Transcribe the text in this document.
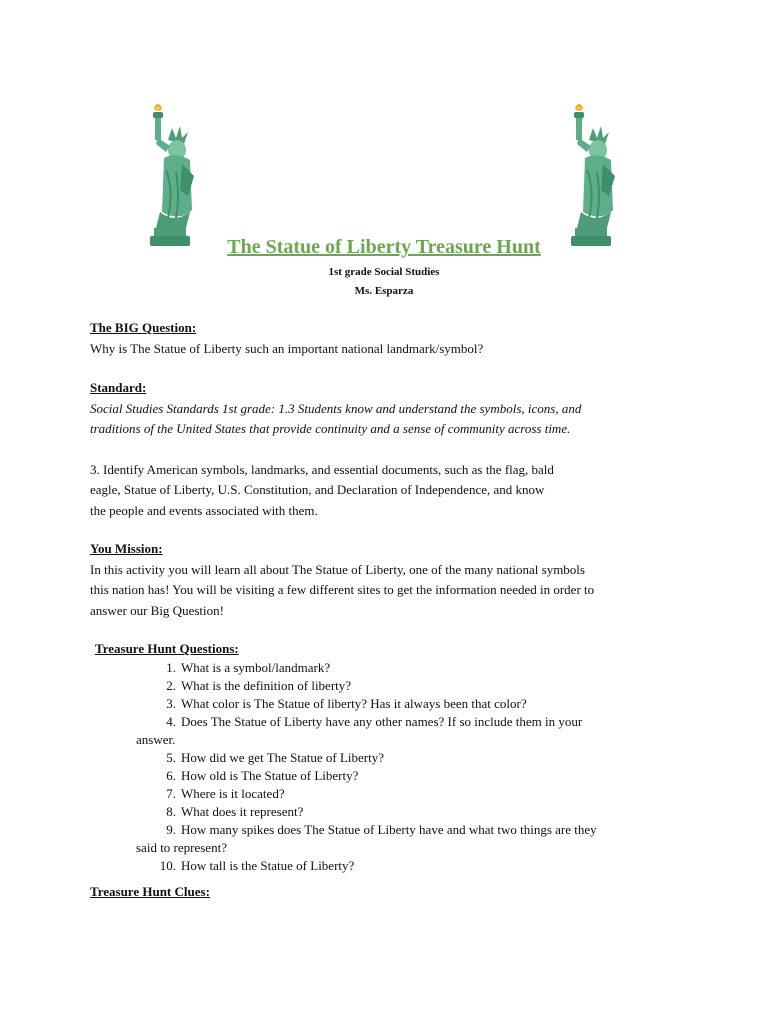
The Statue of Liberty Treasure Hunt
1st grade Social Studies
Ms. Esparza
The BIG Question:
Why is The Statue of Liberty such an important national landmark/symbol?
Standard:
Social Studies Standards 1st grade: 1.3 Students know and understand the symbols, icons, and
traditions of the United States that provide continuity and a sense of community across time.
3. Identify American symbols, landmarks, and essential documents, such as the flag, bald
eagle, Statue of Liberty, U.S. Constitution, and Declaration of Independence, and know
the people and events associated with them.
You Mission:
In this activity you will learn all about The Statue of Liberty, one of the many national symbols
this nation has! You will be visiting a few different sites to get the information needed in order to
answer our Big Question!
Treasure Hunt Questions:
1. What is a symbol/landmark?
2. What is the definition of liberty?
3. What color is The Statue of liberty? Has it always been that color?
4. Does The Statue of Liberty have any other names? If so include them in your
answer.
5. How did we get The Statue of Liberty?
6. How old is The Statue of Liberty?
7. Where is it located?
8. What does it represent?
9. How many spikes does The Statue of Liberty have and what two things are they
said to represent?
10. How tall is the Statue of Liberty?
Treasure Hunt Clues:
